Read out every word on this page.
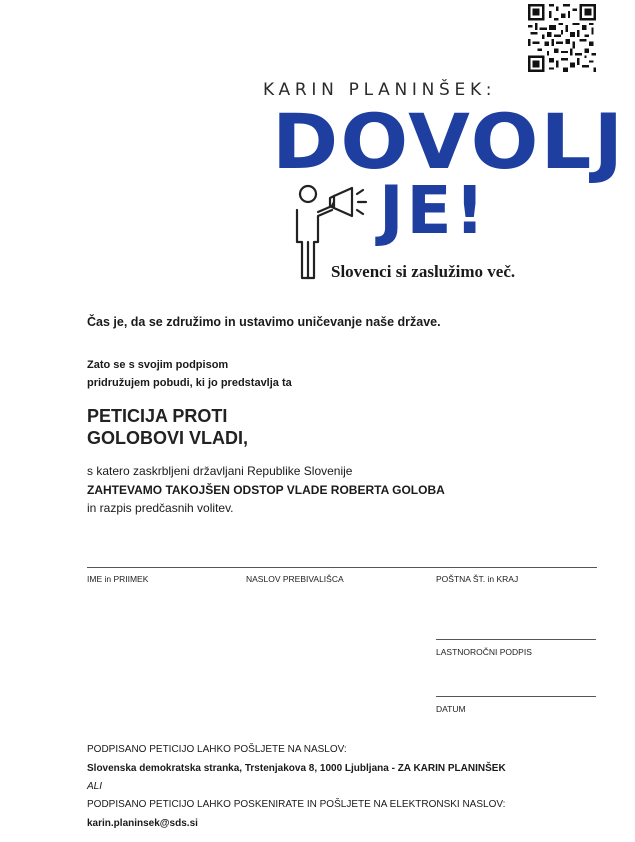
KARIN PLANINŠEK:
DOVOLJ
JE!
Slovenci si zaslužimo več.
Čas je, da se združimo in ustavimo uničevanje naše države.
Zato se s svojim podpisom
pridružujem pobudi, ki jo predstavlja ta
PETICIJA PROTI
GOLOBOVI VLADI,
s katero zaskrbljeni državljani Republike Slovenije
ZAHTEVAMO TAKOJŠEN ODSTOP VLADE ROBERTA GOLOBA
in razpis predčasnih volitev.
IME in PRIIMEK	NASLOV PREBIVALIŠCA	POŠTNA ŠT. in KRAJ
LASTNOROČNI PODPIS
DATUM
PODPISANO PETICIJO LAHKO POŠLJETE NA NASLOV:
Slovenska demokratska stranka, Trstenjakova 8, 1000 Ljubljana - ZA KARIN PLANINŠEK
ALI
PODPISANO PETICIJO LAHKO POSKENIRATE IN POŠLJETE NA ELEKTRONSKI NASLOV:
karin.planinsek@sds.si
